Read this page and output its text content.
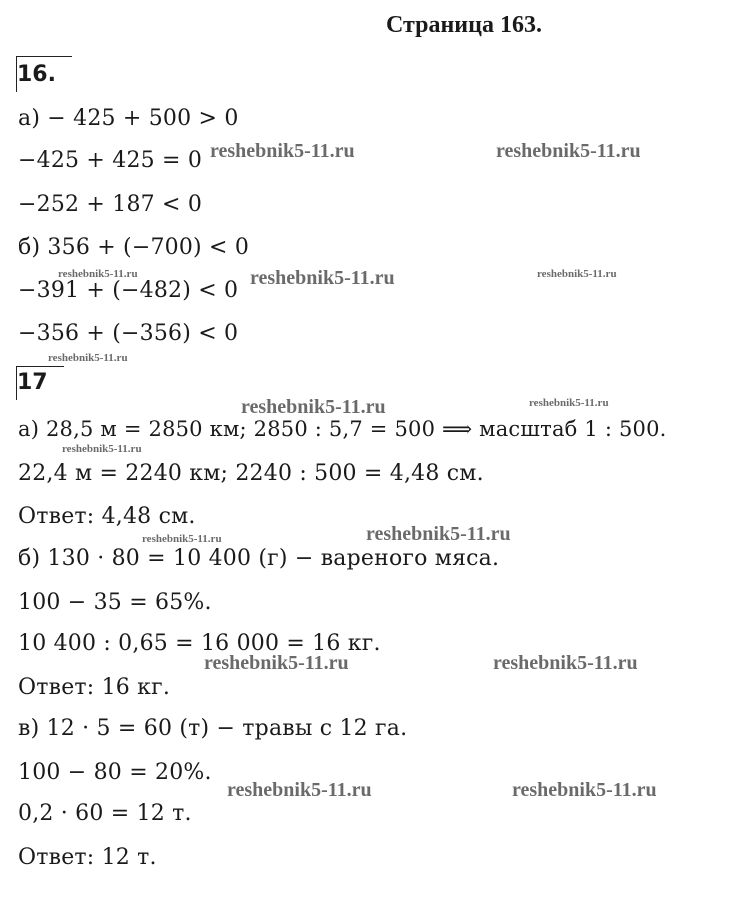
Страница 163.
16.
а) − 425 + 500 > 0
−425 + 425 = 0
−252 + 187 < 0
б) 356 + (−700) < 0
−391 + (−482) < 0
−356 + (−356) < 0
17
а) 28,5 м = 2850 км; 2850 : 5,7 = 500 ⟹ масштаб 1 : 500.
22,4 м = 2240 км; 2240 : 500 = 4,48 см.
Ответ: 4,48 см.
б) 130 · 80 = 10 400 (г) − вареного мяса.
100 − 35 = 65%.
10 400 : 0,65 = 16 000 = 16 кг.
Ответ: 16 кг.
в) 12 · 5 = 60 (т) − травы с 12 га.
100 − 80 = 20%.
0,2 · 60 = 12 т.
Ответ: 12 т.
reshebnik5-11.ru	reshebnik5-11.ru
reshebnik5-11.ru	reshebnik5-11.ru	reshebnik5-11.ru
reshebnik5-11.ru
reshebnik5-11.ru	reshebnik5-11.ru
reshebnik5-11.ru
reshebnik5-11.ru
reshebnik5-11.ru
reshebnik5-11.ru	reshebnik5-11.ru
reshebnik5-11.ru	reshebnik5-11.ru
